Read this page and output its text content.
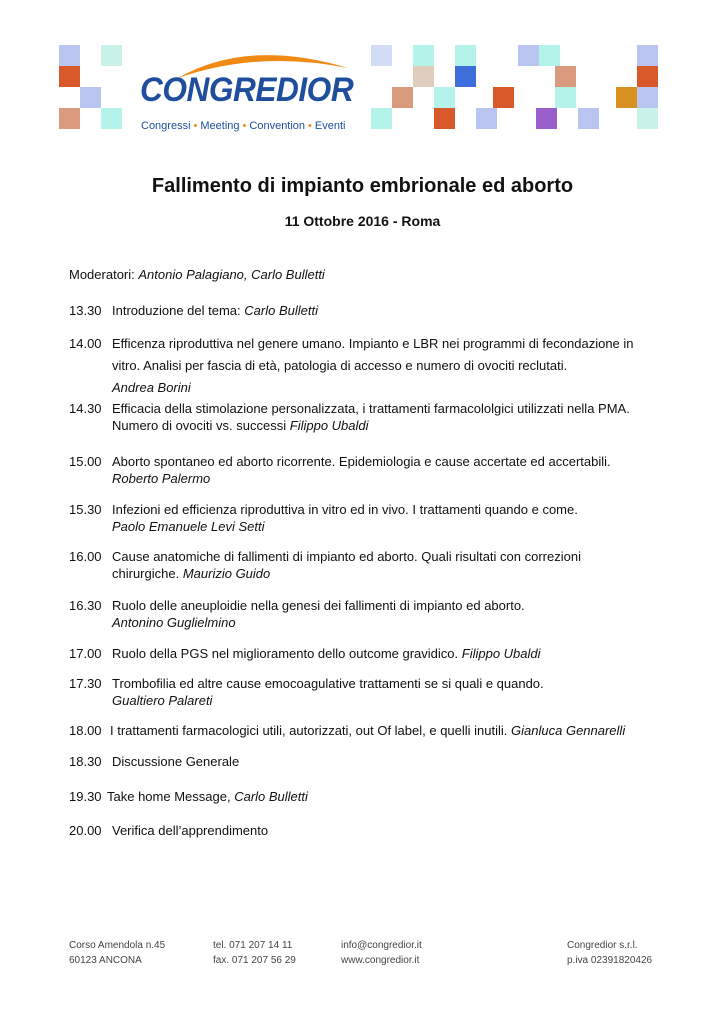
CONGREDIOR
Congressi • Meeting • Convention • Eventi
Fallimento di impianto embrionale ed aborto
11 Ottobre 2016 - Roma
Moderatori: Antonio Palagiano, Carlo Bulletti
13.30 Introduzione del tema: Carlo Bulletti
14.00 Efficenza riproduttiva nel genere umano. Impianto e LBR nei programmi di fecondazione in
vitro. Analisi per fascia di età, patologia di accesso e numero di ovociti reclutati.
Andrea Borini
14.30 Efficacia della stimolazione personalizzata, i trattamenti farmacololgici utilizzati nella PMA.
Numero di ovociti vs. successi Filippo Ubaldi
15.00 Aborto spontaneo ed aborto ricorrente. Epidemiologia e cause accertate ed accertabili.
Roberto Palermo
15.30 Infezioni ed efficienza riproduttiva in vitro ed in vivo. I trattamenti quando e come.
Paolo Emanuele Levi Setti
16.00 Cause anatomiche di fallimenti di impianto ed aborto. Quali risultati con correzioni
chirurgiche. Maurizio Guido
16.30 Ruolo delle aneuploidie nella genesi dei fallimenti di impianto ed aborto.
Antonino Guglielmino
17.00 Ruolo della PGS nel miglioramento dello outcome gravidico. Filippo Ubaldi
17.30 Trombofilia ed altre cause emocoagulative trattamenti se si quali e quando.
Gualtiero Palareti
18.00 I trattamenti farmacologici utili, autorizzati, out Of label, e quelli inutili. Gianluca Gennarelli
18.30 Discussione Generale
19.30 Take home Message, Carlo Bulletti
20.00 Verifica dell’apprendimento
Corso Amendola n.45
60123 ANCONA
tel. 071 207 14 11
fax. 071 207 56 29
info@congredior.it
www.congredior.it
Congredior s.r.l.
p.iva 02391820426
